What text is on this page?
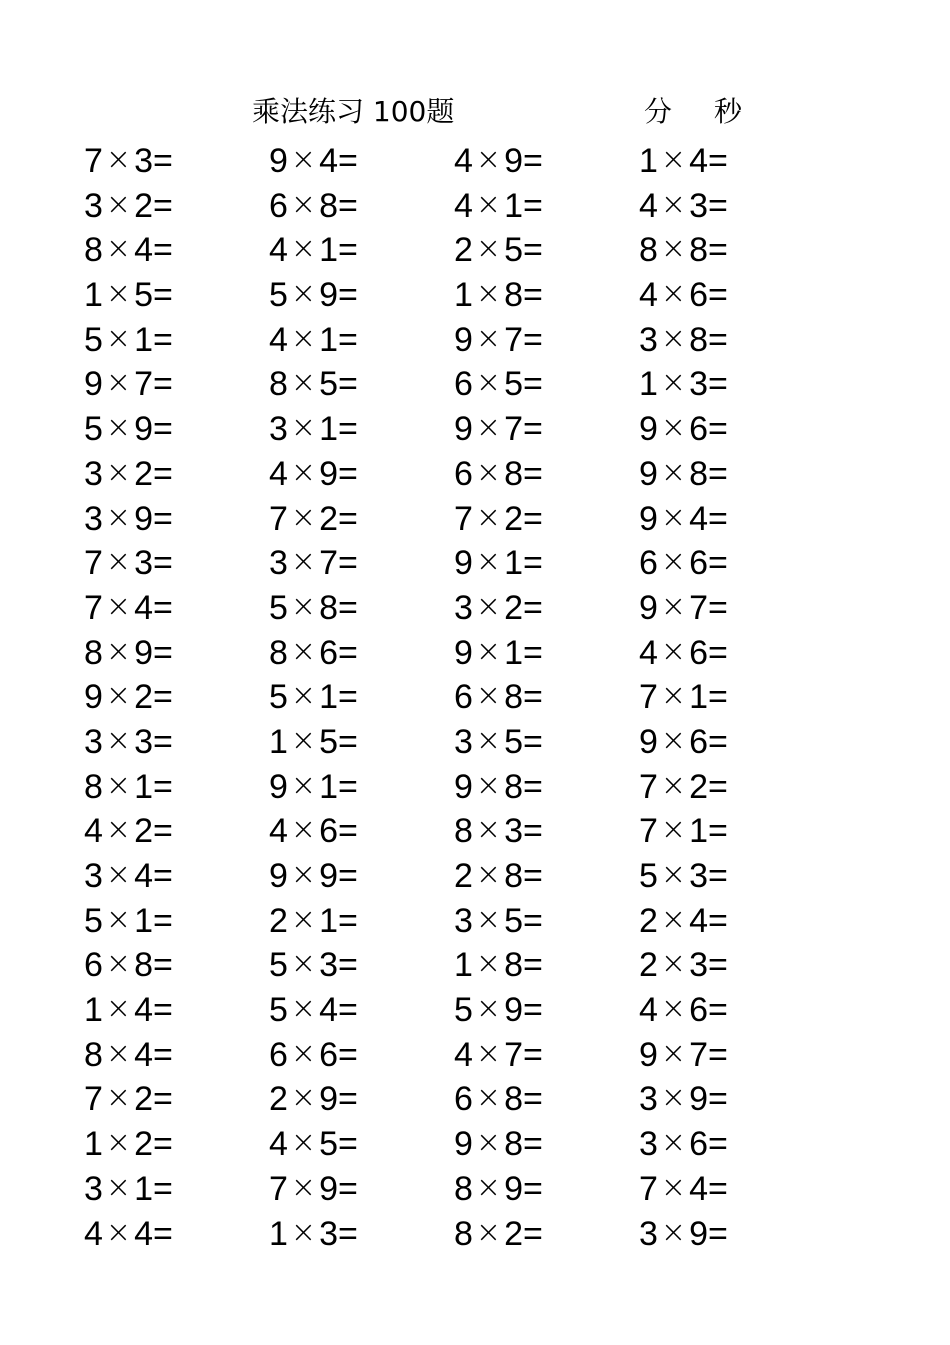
乘法练习 100题	分 秒
7 × 3 =	9 × 4 =	4 × 9 =	1 × 4 =
3 × 2 =	6 × 8 =	4 × 1 =	4 × 3 =
8 × 4 =	4 × 1 =	2 × 5 =	8 × 8 =
1 × 5 =	5 × 9 =	1 × 8 =	4 × 6 =
5 × 1 =	4 × 1 =	9 × 7 =	3 × 8 =
9 × 7 =	8 × 5 =	6 × 5 =	1 × 3 =
5 × 9 =	3 × 1 =	9 × 7 =	9 × 6 =
3 × 2 =	4 × 9 =	6 × 8 =	9 × 8 =
3 × 9 =	7 × 2 =	7 × 2 =	9 × 4 =
7 × 3 =	3 × 7 =	9 × 1 =	6 × 6 =
7 × 4 =	5 × 8 =	3 × 2 =	9 × 7 =
8 × 9 =	8 × 6 =	9 × 1 =	4 × 6 =
9 × 2 =	5 × 1 =	6 × 8 =	7 × 1 =
3 × 3 =	1 × 5 =	3 × 5 =	9 × 6 =
8 × 1 =	9 × 1 =	9 × 8 =	7 × 2 =
4 × 2 =	4 × 6 =	8 × 3 =	7 × 1 =
3 × 4 =	9 × 9 =	2 × 8 =	5 × 3 =
5 × 1 =	2 × 1 =	3 × 5 =	2 × 4 =
6 × 8 =	5 × 3 =	1 × 8 =	2 × 3 =
1 × 4 =	5 × 4 =	5 × 9 =	4 × 6 =
8 × 4 =	6 × 6 =	4 × 7 =	9 × 7 =
7 × 2 =	2 × 9 =	6 × 8 =	3 × 9 =
1 × 2 =	4 × 5 =	9 × 8 =	3 × 6 =
3 × 1 =	7 × 9 =	8 × 9 =	7 × 4 =
4 × 4 =	1 × 3 =	8 × 2 =	3 × 9 =
